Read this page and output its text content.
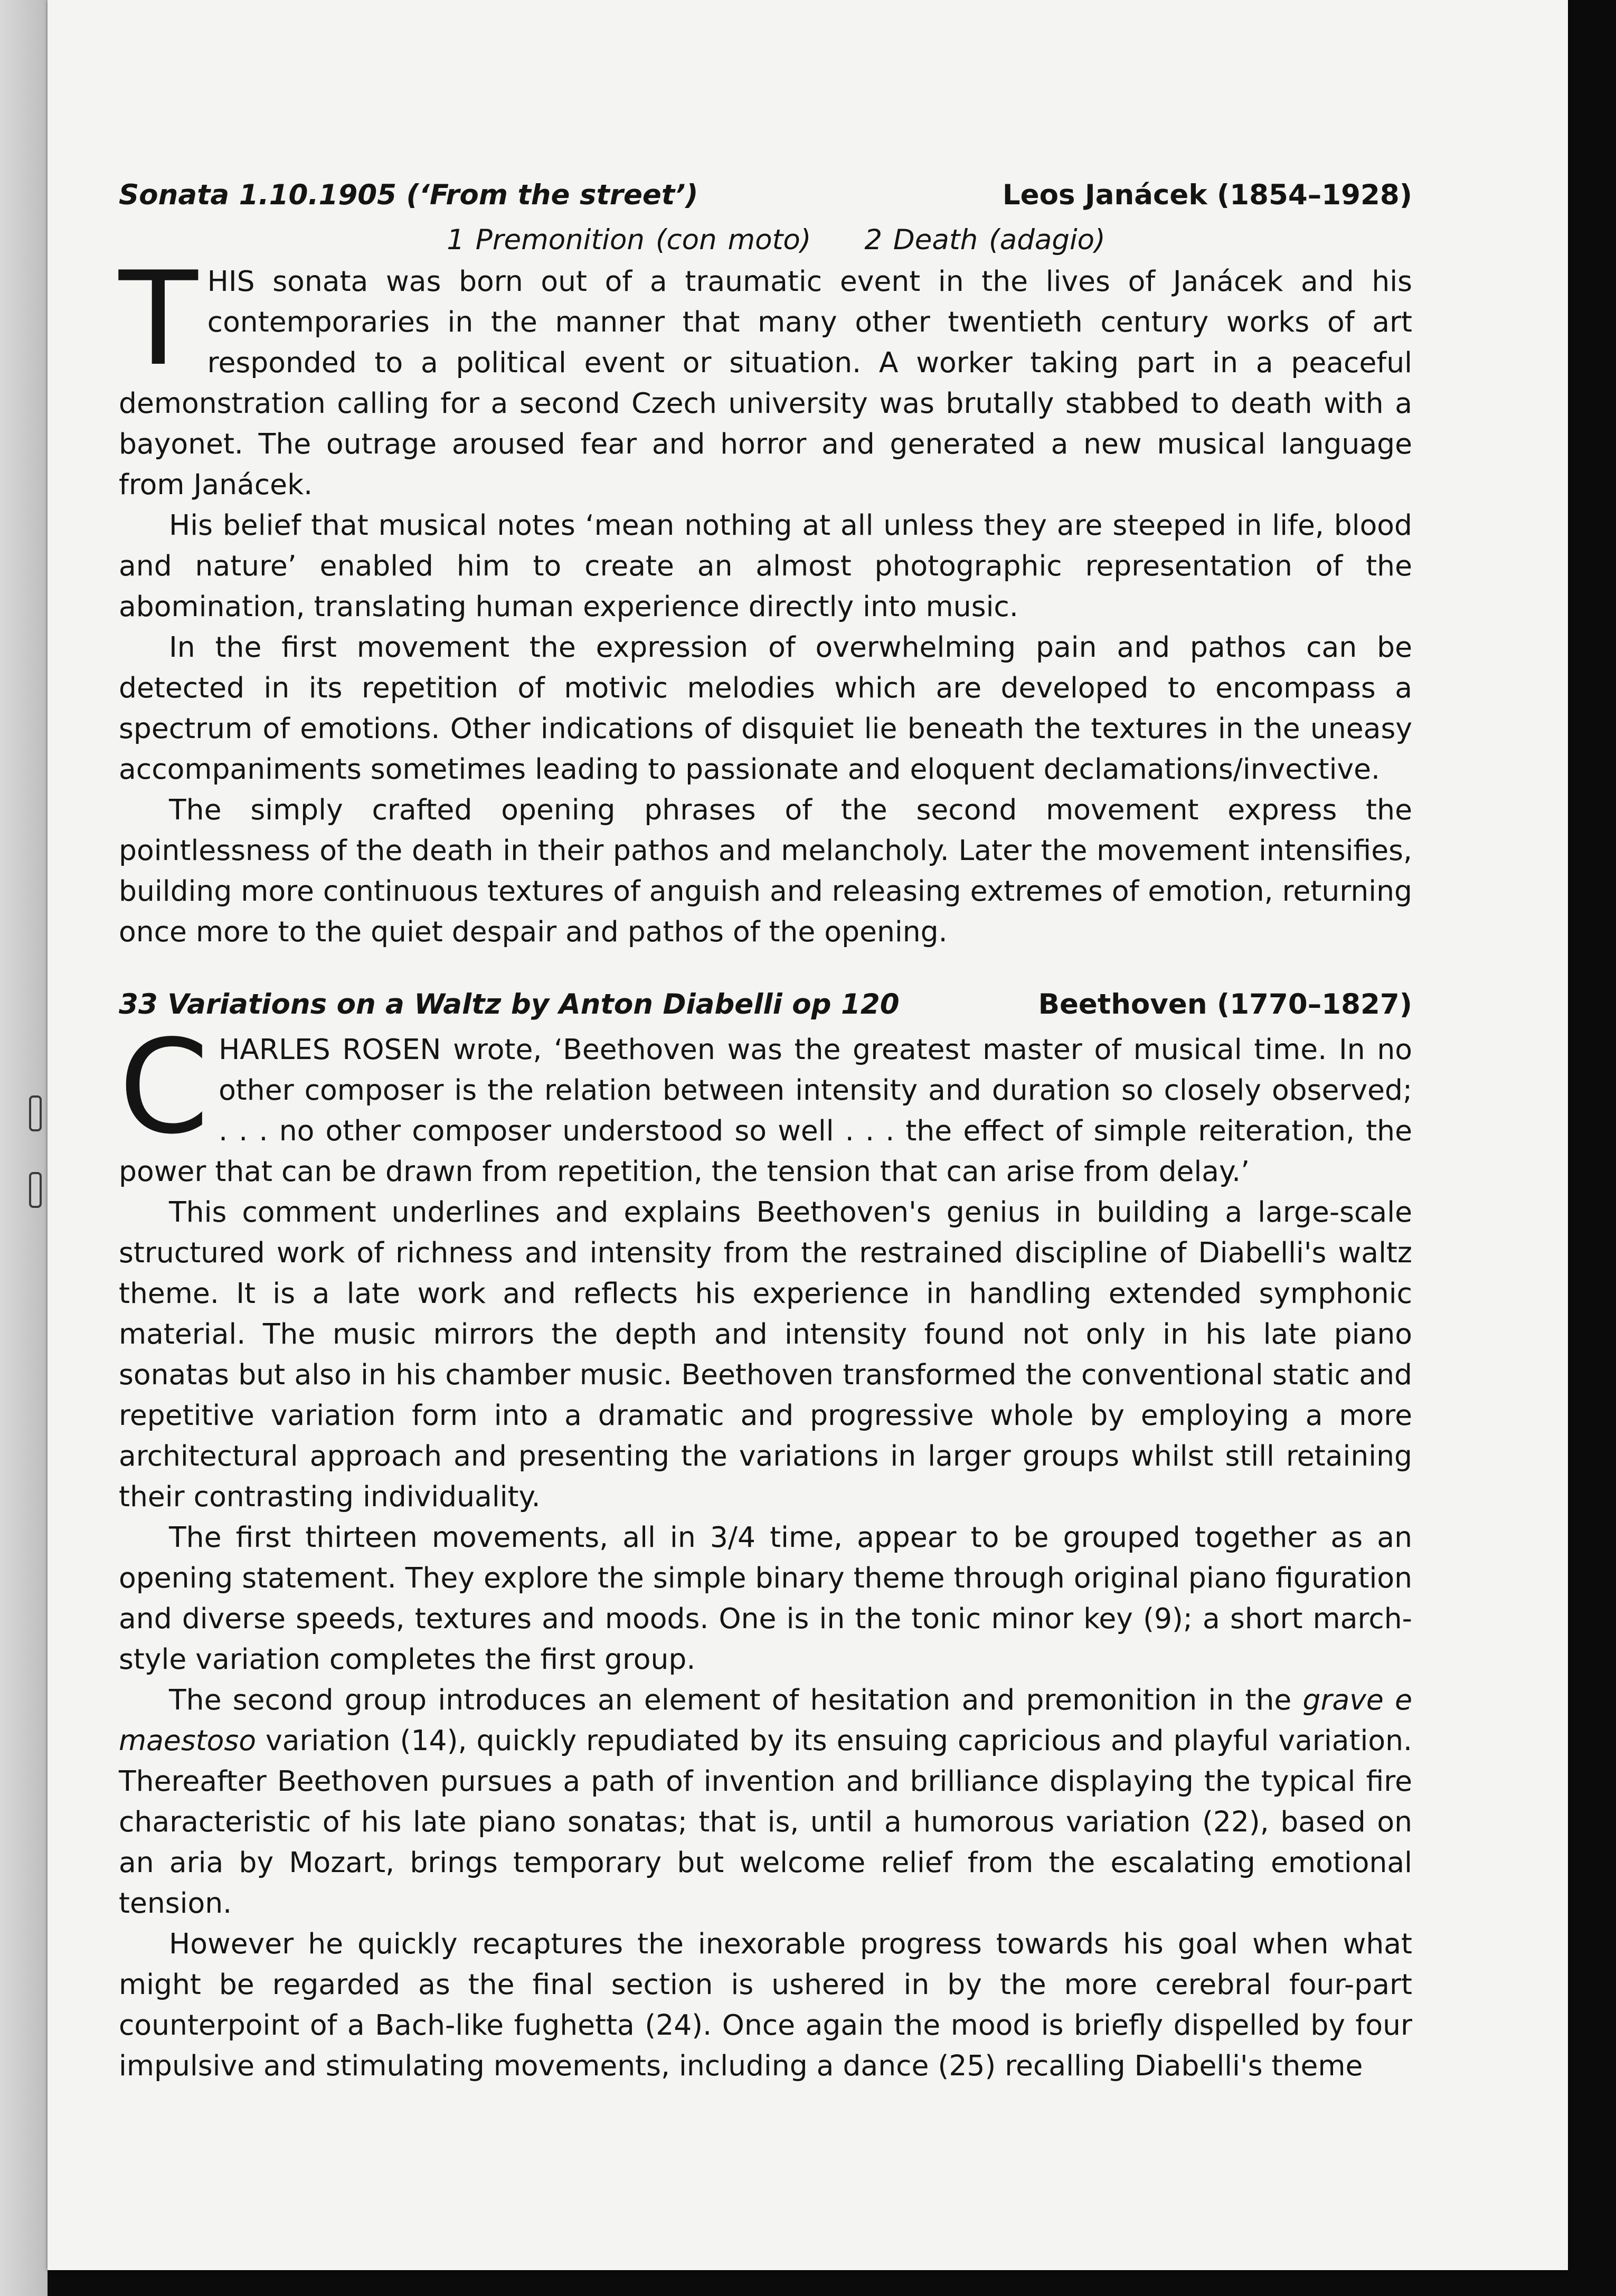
Sonata 1.10.1905 (‘From the street’)	Leos Janácek (1854–1928)
1 Premonition (con moto) 2 Death (adagio)

THIS sonata was born out of a traumatic event in the lives of Janácek and his contemporaries in the manner that many other twentieth century works of art responded to a political event or situation. A worker taking part in a peaceful demonstration calling for a second Czech university was brutally stabbed to death with a bayonet. The outrage aroused fear and horror and generated a new musical language from Janácek.

His belief that musical notes ‘mean nothing at all unless they are steeped in life, blood and nature’ enabled him to create an almost photographic representation of the abomination, translating human experience directly into music.

In the first movement the expression of overwhelming pain and pathos can be detected in its repetition of motivic melodies which are developed to encompass a spectrum of emotions. Other indications of disquiet lie beneath the textures in the uneasy accompaniments sometimes leading to passionate and eloquent declamations/invective.

The simply crafted opening phrases of the second movement express the pointlessness of the death in their pathos and melancholy. Later the movement intensifies, building more continuous textures of anguish and releasing extremes of emotion, returning once more to the quiet despair and pathos of the opening.

33 Variations on a Waltz by Anton Diabelli op 120	Beethoven (1770–1827)

CHARLES ROSEN wrote, ‘Beethoven was the greatest master of musical time. In no other composer is the relation between intensity and duration so closely observed; . . . no other composer understood so well . . . the effect of simple reiteration, the power that can be drawn from repetition, the tension that can arise from delay.’

This comment underlines and explains Beethoven's genius in building a large-scale structured work of richness and intensity from the restrained discipline of Diabelli's waltz theme. It is a late work and reflects his experience in handling extended symphonic material. The music mirrors the depth and intensity found not only in his late piano sonatas but also in his chamber music. Beethoven transformed the conventional static and repetitive variation form into a dramatic and progressive whole by employing a more architectural approach and presenting the variations in larger groups whilst still retaining their contrasting individuality.

The first thirteen movements, all in 3/4 time, appear to be grouped together as an opening statement. They explore the simple binary theme through original piano figuration and diverse speeds, textures and moods. One is in the tonic minor key (9); a short march-style variation completes the first group.

The second group introduces an element of hesitation and premonition in the grave e maestoso variation (14), quickly repudiated by its ensuing capricious and playful variation. Thereafter Beethoven pursues a path of invention and brilliance displaying the typical fire characteristic of his late piano sonatas; that is, until a humorous variation (22), based on an aria by Mozart, brings temporary but welcome relief from the escalating emotional tension.

However he quickly recaptures the inexorable progress towards his goal when what might be regarded as the final section is ushered in by the more cerebral four-part counterpoint of a Bach-like fughetta (24). Once again the mood is briefly dispelled by four impulsive and stimulating movements, including a dance (25) recalling Diabelli's theme
